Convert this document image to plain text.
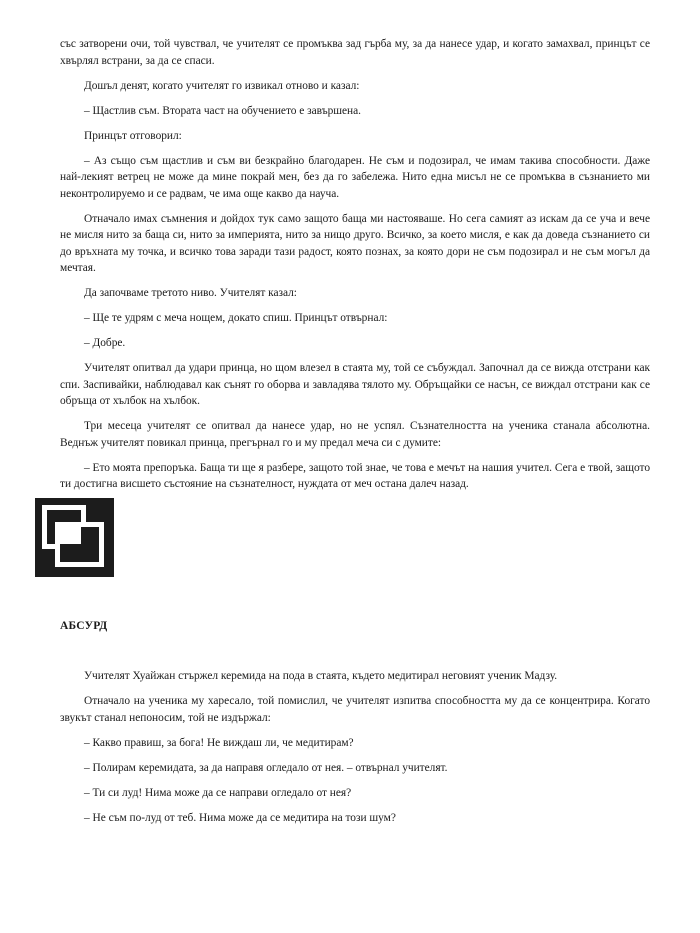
със затворени очи, той чувствал, че учителят се промъква зад гърба му, за да нанесе удар, и когато замахвал, принцът се хвърлял встрани, за да се спаси.

Дошъл денят, когато учителят го извикал отново и казал:

– Щастлив съм. Втората част на обучението е завършена.

Принцът отговорил:

– Аз също съм щастлив и съм ви безкрайно благодарен. Не съм и подозирал, че имам такива способности. Даже най-лекият ветрец не може да мине покрай мен, без да го забележа. Нито една мисъл не се промъква в съзнанието ми неконтролируемо и се радвам, че има още какво да науча.

Отначало имах съмнения и дойдох тук само защото баща ми настояваше. Но сега самият аз искам да се уча и вече не мисля нито за баща си, нито за империята, нито за нищо друго. Всичко, за което мисля, е как да доведа съзнанието си до връхната му точка, и всичко това заради тази радост, която познах, за която дори не съм подозирал и не съм могъл да мечтая.

Да започваме третото ниво. Учителят казал:

– Ще те удрям с меча нощем, докато спиш. Принцът отвърнал:

– Добре.

Учителят опитвал да удари принца, но щом влезел в стаята му, той се събуждал. Започнал да се вижда отстрани как спи. Заспивайки, наблюдавал как сънят го оборва и завладява тялото му. Обръщайки се насън, се виждал отстрани как се обръща от хълбок на хълбок.

Три месеца учителят се опитвал да нанесе удар, но не успял. Съзнателността на ученика станала абсолютна. Веднъж учителят повикал принца, прегърнал го и му предал меча си с думите:

– Ето моята препоръка. Баща ти ще я разбере, защото той знае, че това е мечът на нашия учител. Сега е твой, защото ти достигна висшето състояние на съзнателност, нуждата от меч остана далеч назад.

АБСУРД

Учителят Хуайжан стържел керемида на пода в стаята, където медитирал неговият ученик Мадзу.

Отначало на ученика му харесало, той помислил, че учителят изпитва способността му да се концентрира. Когато звукът станал непоносим, той не издържал:

– Какво правиш, за бога! Не виждаш ли, че медитирам?

– Полирам керемидата, за да направя огледало от нея. – отвърнал учителят.

– Ти си луд! Нима може да се направи огледало от нея?

– Не съм по-луд от теб. Нима може да се медитира на този шум?
